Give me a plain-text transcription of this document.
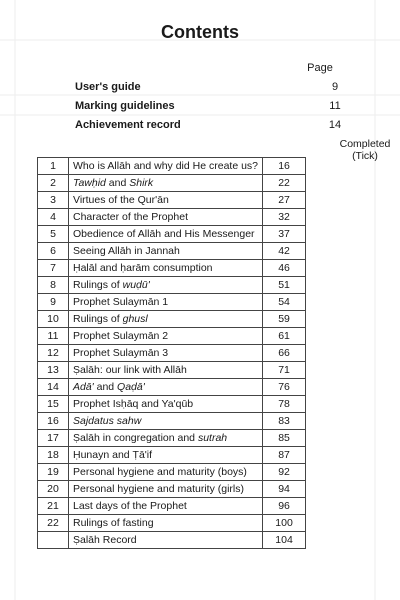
Contents
Page
User's guide	9
Marking guidelines	11
Achievement record	14
Completed
(Tick)
1	Who is Allāh and why did He create us?	16	
2	Tawḥid and Shirk	22	
3	Virtues of the Qur'ān	27	
4	Character of the Prophet	32	
5	Obedience of Allāh and His Messenger	37	
6	Seeing Allāh in Jannah	42	
7	Ḥalāl and ḥarām consumption	46	
8	Rulings of wuḍū'	51	
9	Prophet Sulaymān 1	54	
10	Rulings of ghusl	59	
11	Prophet Sulaymān 2	61	
12	Prophet Sulaymān 3	66	
13	Ṣalāh: our link with Allāh	71	
14	Adā' and Qaḍā'	76	
15	Prophet Isḥāq and Ya'qūb	78	
16	Sajdatus sahw	83	
17	Ṣalāh in congregation and sutrah	85	
18	Ḥunayn and Ṭā'if	87	
19	Personal hygiene and maturity (boys)	92	
20	Personal hygiene and maturity (girls)	94	
21	Last days of the Prophet	96	
22	Rulings of fasting	100	
	Ṣalāh Record	104	
